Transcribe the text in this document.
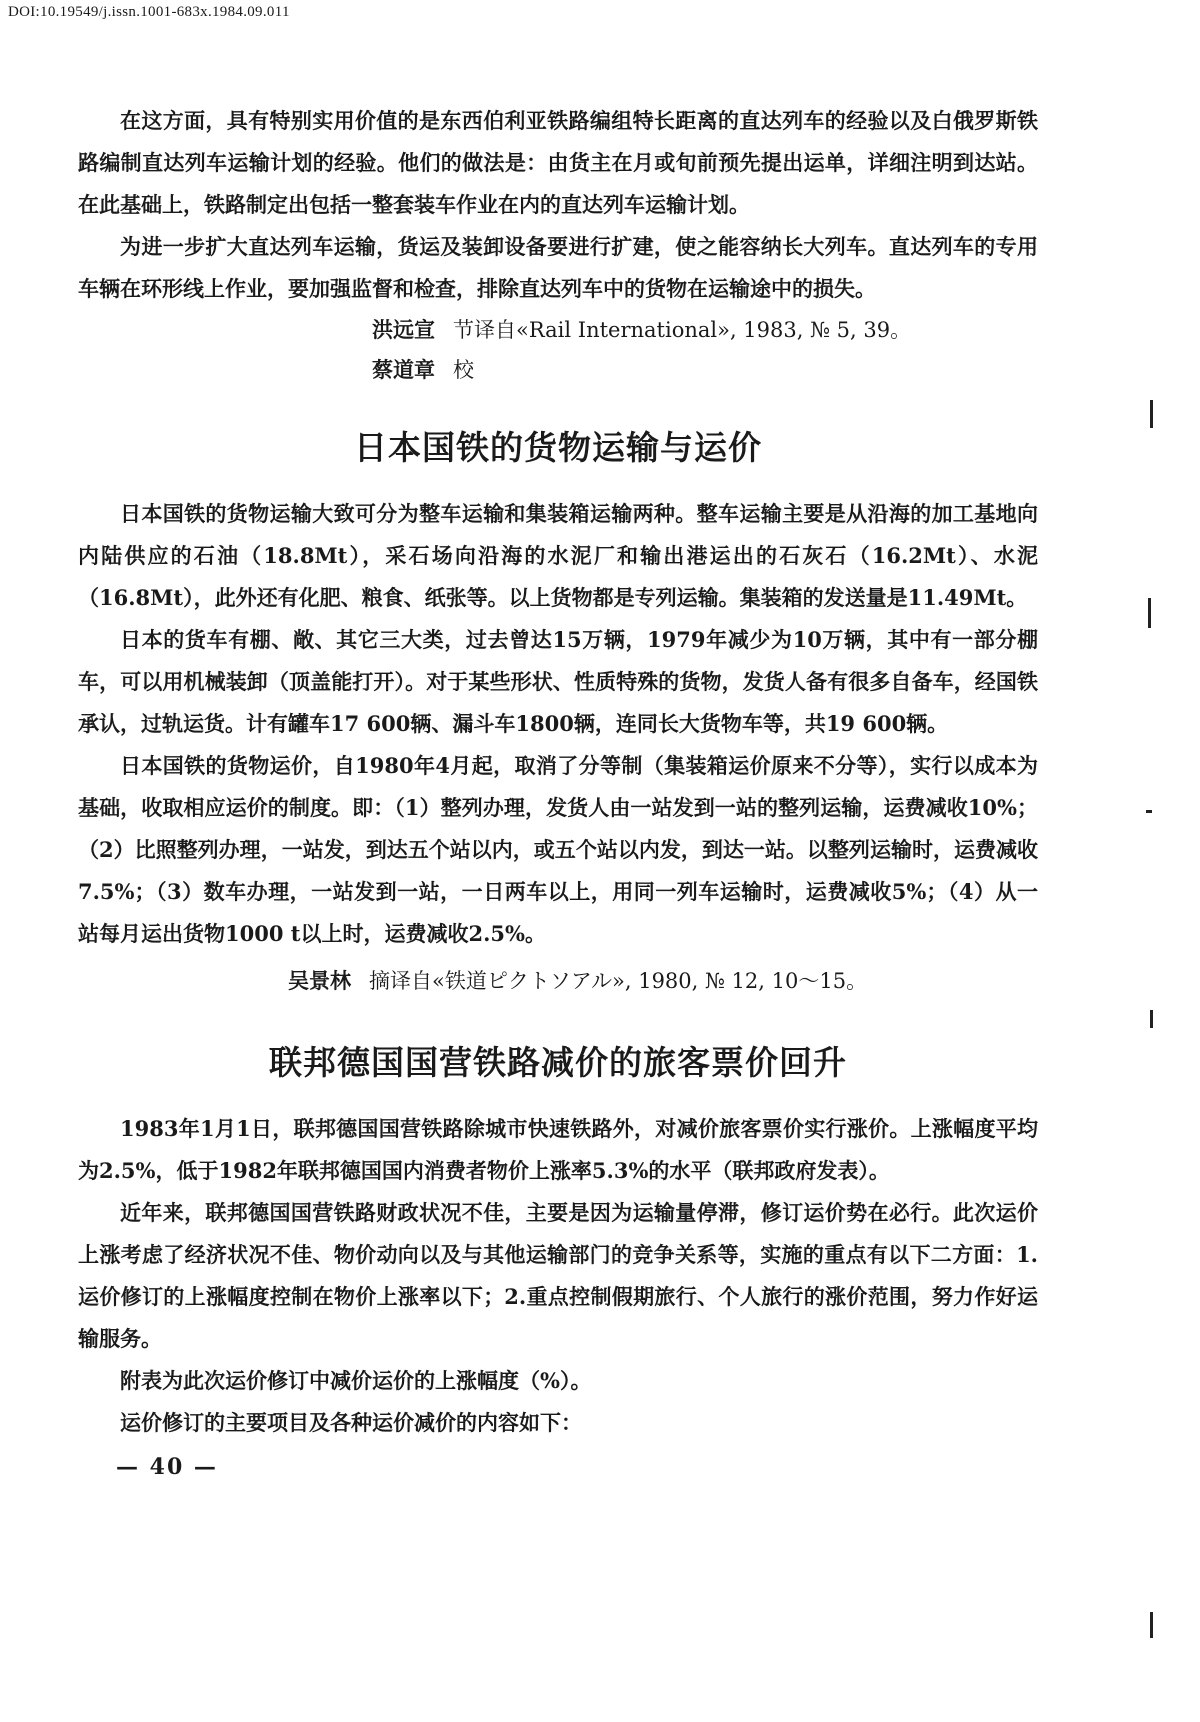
DOI:10.19549/j.issn.1001-683x.1984.09.011

在这方面，具有特别实用价值的是东西伯利亚铁路编组特长距离的直达列车的经验以及白俄罗斯铁路编制直达列车运输计划的经验。他们的做法是：由货主在月或旬前预先提出运单，详细注明到达站。在此基础上，铁路制定出包括一整套装车作业在内的直达列车运输计划。

为进一步扩大直达列车运输，货运及装卸设备要进行扩建，使之能容纳长大列车。直达列车的专用车辆在环形线上作业，要加强监督和检查，排除直达列车中的货物在运输途中的损失。

洪远宣 节译自«Rail International», 1983, № 5, 39。
蔡道章 校
日本国铁的货物运输与运价

日本国铁的货物运输大致可分为整车运输和集装箱运输两种。整车运输主要是从沿海的加工基地向内陆供应的石油（18.8Mt），采石场向沿海的水泥厂和输出港运出的石灰石（16.2Mt）、水泥（16.8Mt），此外还有化肥、粮食、纸张等。以上货物都是专列运输。集装箱的发送量是11.49Mt。

日本的货车有棚、敞、其它三大类，过去曾达15万辆，1979年减少为10万辆，其中有一部分棚车，可以用机械装卸（顶盖能打开）。对于某些形状、性质特殊的货物，发货人备有很多自备车，经国铁承认，过轨运货。计有罐车17 600辆、漏斗车1800辆，连同长大货物车等，共19 600辆。

日本国铁的货物运价，自1980年4月起，取消了分等制（集装箱运价原来不分等），实行以成本为基础，收取相应运价的制度。即：（1）整列办理，发货人由一站发到一站的整列运输，运费减收10%；（2）比照整列办理，一站发，到达五个站以内，或五个站以内发，到达一站。以整列运输时，运费减收7.5%；（3）数车办理，一站发到一站，一日两车以上，用同一列车运输时，运费减收5%；（4）从一站每月运出货物1000 t以上时，运费减收2.5%。

吴景林 摘译自«铁道ピクトソアル», 1980, № 12, 10～15。
联邦德国国营铁路减价的旅客票价回升

1983年1月1日，联邦德国国营铁路除城市快速铁路外，对减价旅客票价实行涨价。上涨幅度平均为2.5%，低于1982年联邦德国国内消费者物价上涨率5.3%的水平（联邦政府发表）。

近年来，联邦德国国营铁路财政状况不佳，主要是因为运输量停滞，修订运价势在必行。此次运价上涨考虑了经济状况不佳、物价动向以及与其他运输部门的竞争关系等，实施的重点有以下二方面：1.运价修订的上涨幅度控制在物价上涨率以下；2.重点控制假期旅行、个人旅行的涨价范围，努力作好运输服务。

附表为此次运价修订中减价运价的上涨幅度（%）。

运价修订的主要项目及各种运价减价的内容如下：

— 40 —
